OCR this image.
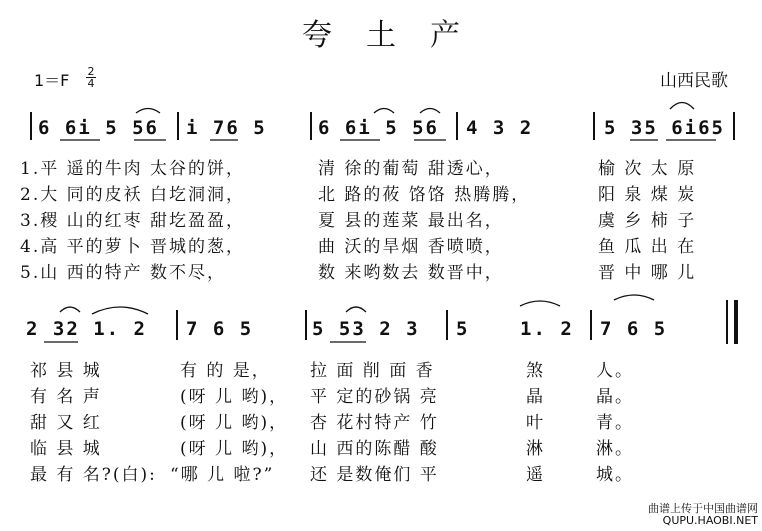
夸土产
1＝F 2
4	山西民歌
6 6i 5 56 i 76 5	6 6i 5 56 4 3 2	5 35 6i65
1.平 遥的牛肉 太谷的饼，	清 徐的葡萄 甜透心，	榆 次 太 原
2.大 同的皮袄 白圪洞洞，	北 路的莜 饹饹 热腾腾，	阳 泉 煤 炭
3.稷 山的红枣 甜圪盈盈，	夏 县的莲菜 最出名，	虞 乡 柿 子
4.高 平的萝卜 晋城的葱，	曲 沃的旱烟 香喷喷，	鱼 瓜 出 在
5.山 西的特产 数不尽，	数 来哟数去 数晋中，	晋 中 哪 儿
2 32 1. 2 7 6 5	5 53 2 3 5	1. 2 7 6 5
祁 县 城	有 的 是， 拉 面 削 面 香	煞	人。
有 名 声	(呀 儿 哟)， 平 定的砂锅 亮	晶	晶。
甜 又 红	(呀 儿 哟)， 杏 花村特产 竹	叶	青。
临 县 城	(呀 儿 哟)， 山 西的陈醋 酸	淋	淋。
最 有 名?(白): “哪 儿 啦?” 还 是数俺们 平	遥	城。
曲谱上传于中国曲谱网
QUPU.HAOBI.NET
